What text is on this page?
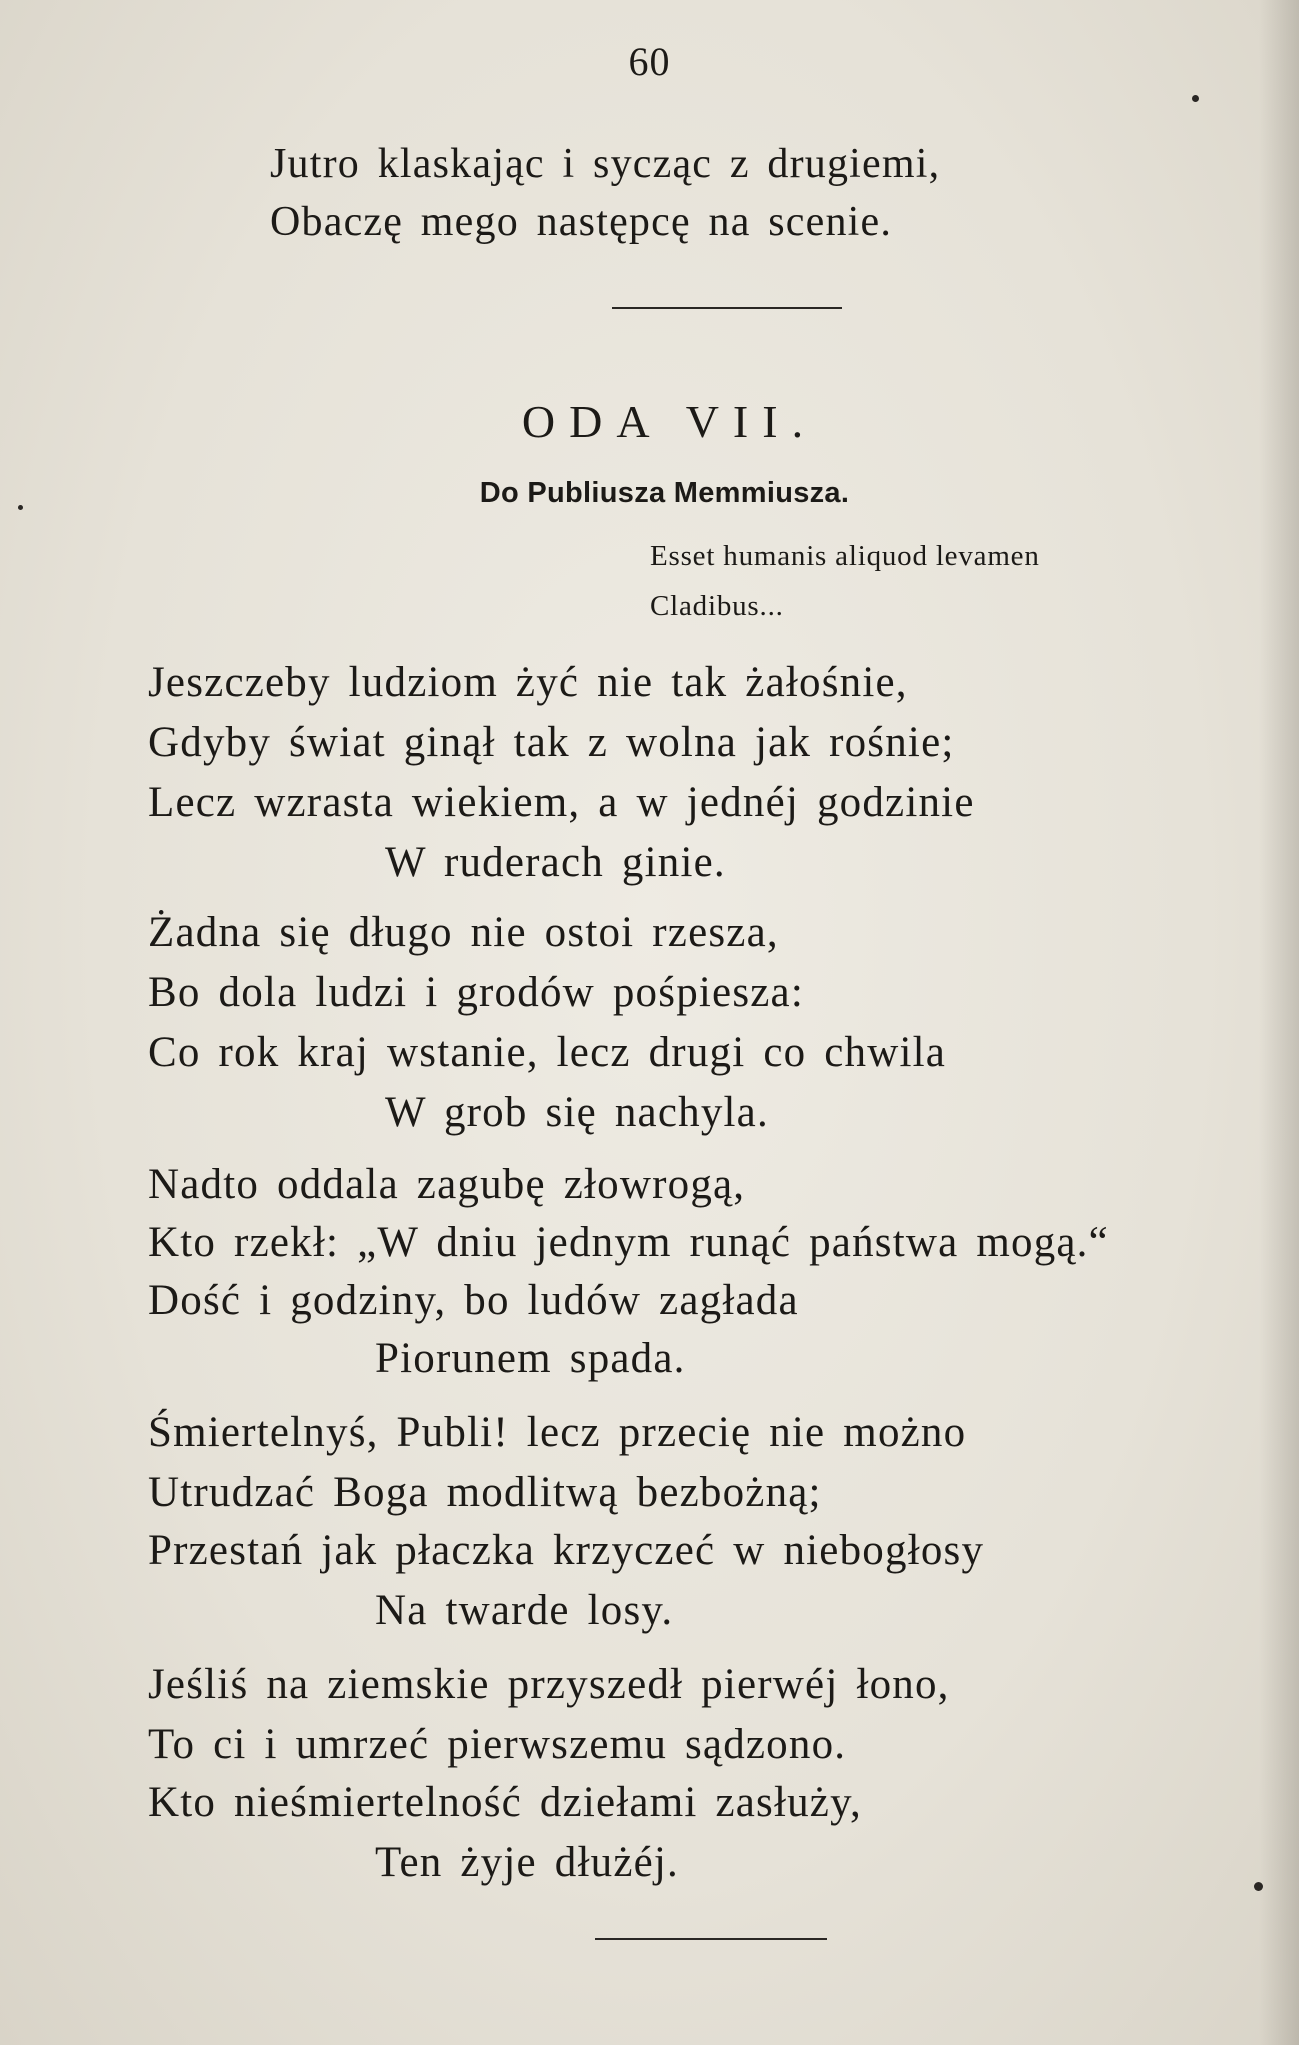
60
Jutro klaskając i sycząc z drugiemi,
Obaczę mego następcę na scenie.
ODA VII.
Do Publiusza Memmiusza.
Esset humanis aliquod levamen
Cladibus...
Jeszczeby ludziom żyć nie tak żałośnie,
Gdyby świat ginął tak z wolna jak rośnie;
Lecz wzrasta wiekiem, a w jednéj godzinie
W ruderach ginie.
Żadna się długo nie ostoi rzesza,
Bo dola ludzi i grodów pośpiesza:
Co rok kraj wstanie, lecz drugi co chwila
W grob się nachyla.
Nadto oddala zagubę złowrogą,
Kto rzekł: „W dniu jednym runąć państwa mogą.“
Dość i godziny, bo ludów zagłada
Piorunem spada.
Śmiertelnyś, Publi! lecz przecię nie możno
Utrudzać Boga modlitwą bezbożną;
Przestań jak płaczka krzyczeć w niebogłosy
Na twarde losy.
Jeśliś na ziemskie przyszedł pierwéj łono,
To ci i umrzeć pierwszemu sądzono.
Kto nieśmiertelność dziełami zasłuży,
Ten żyje dłużéj.
